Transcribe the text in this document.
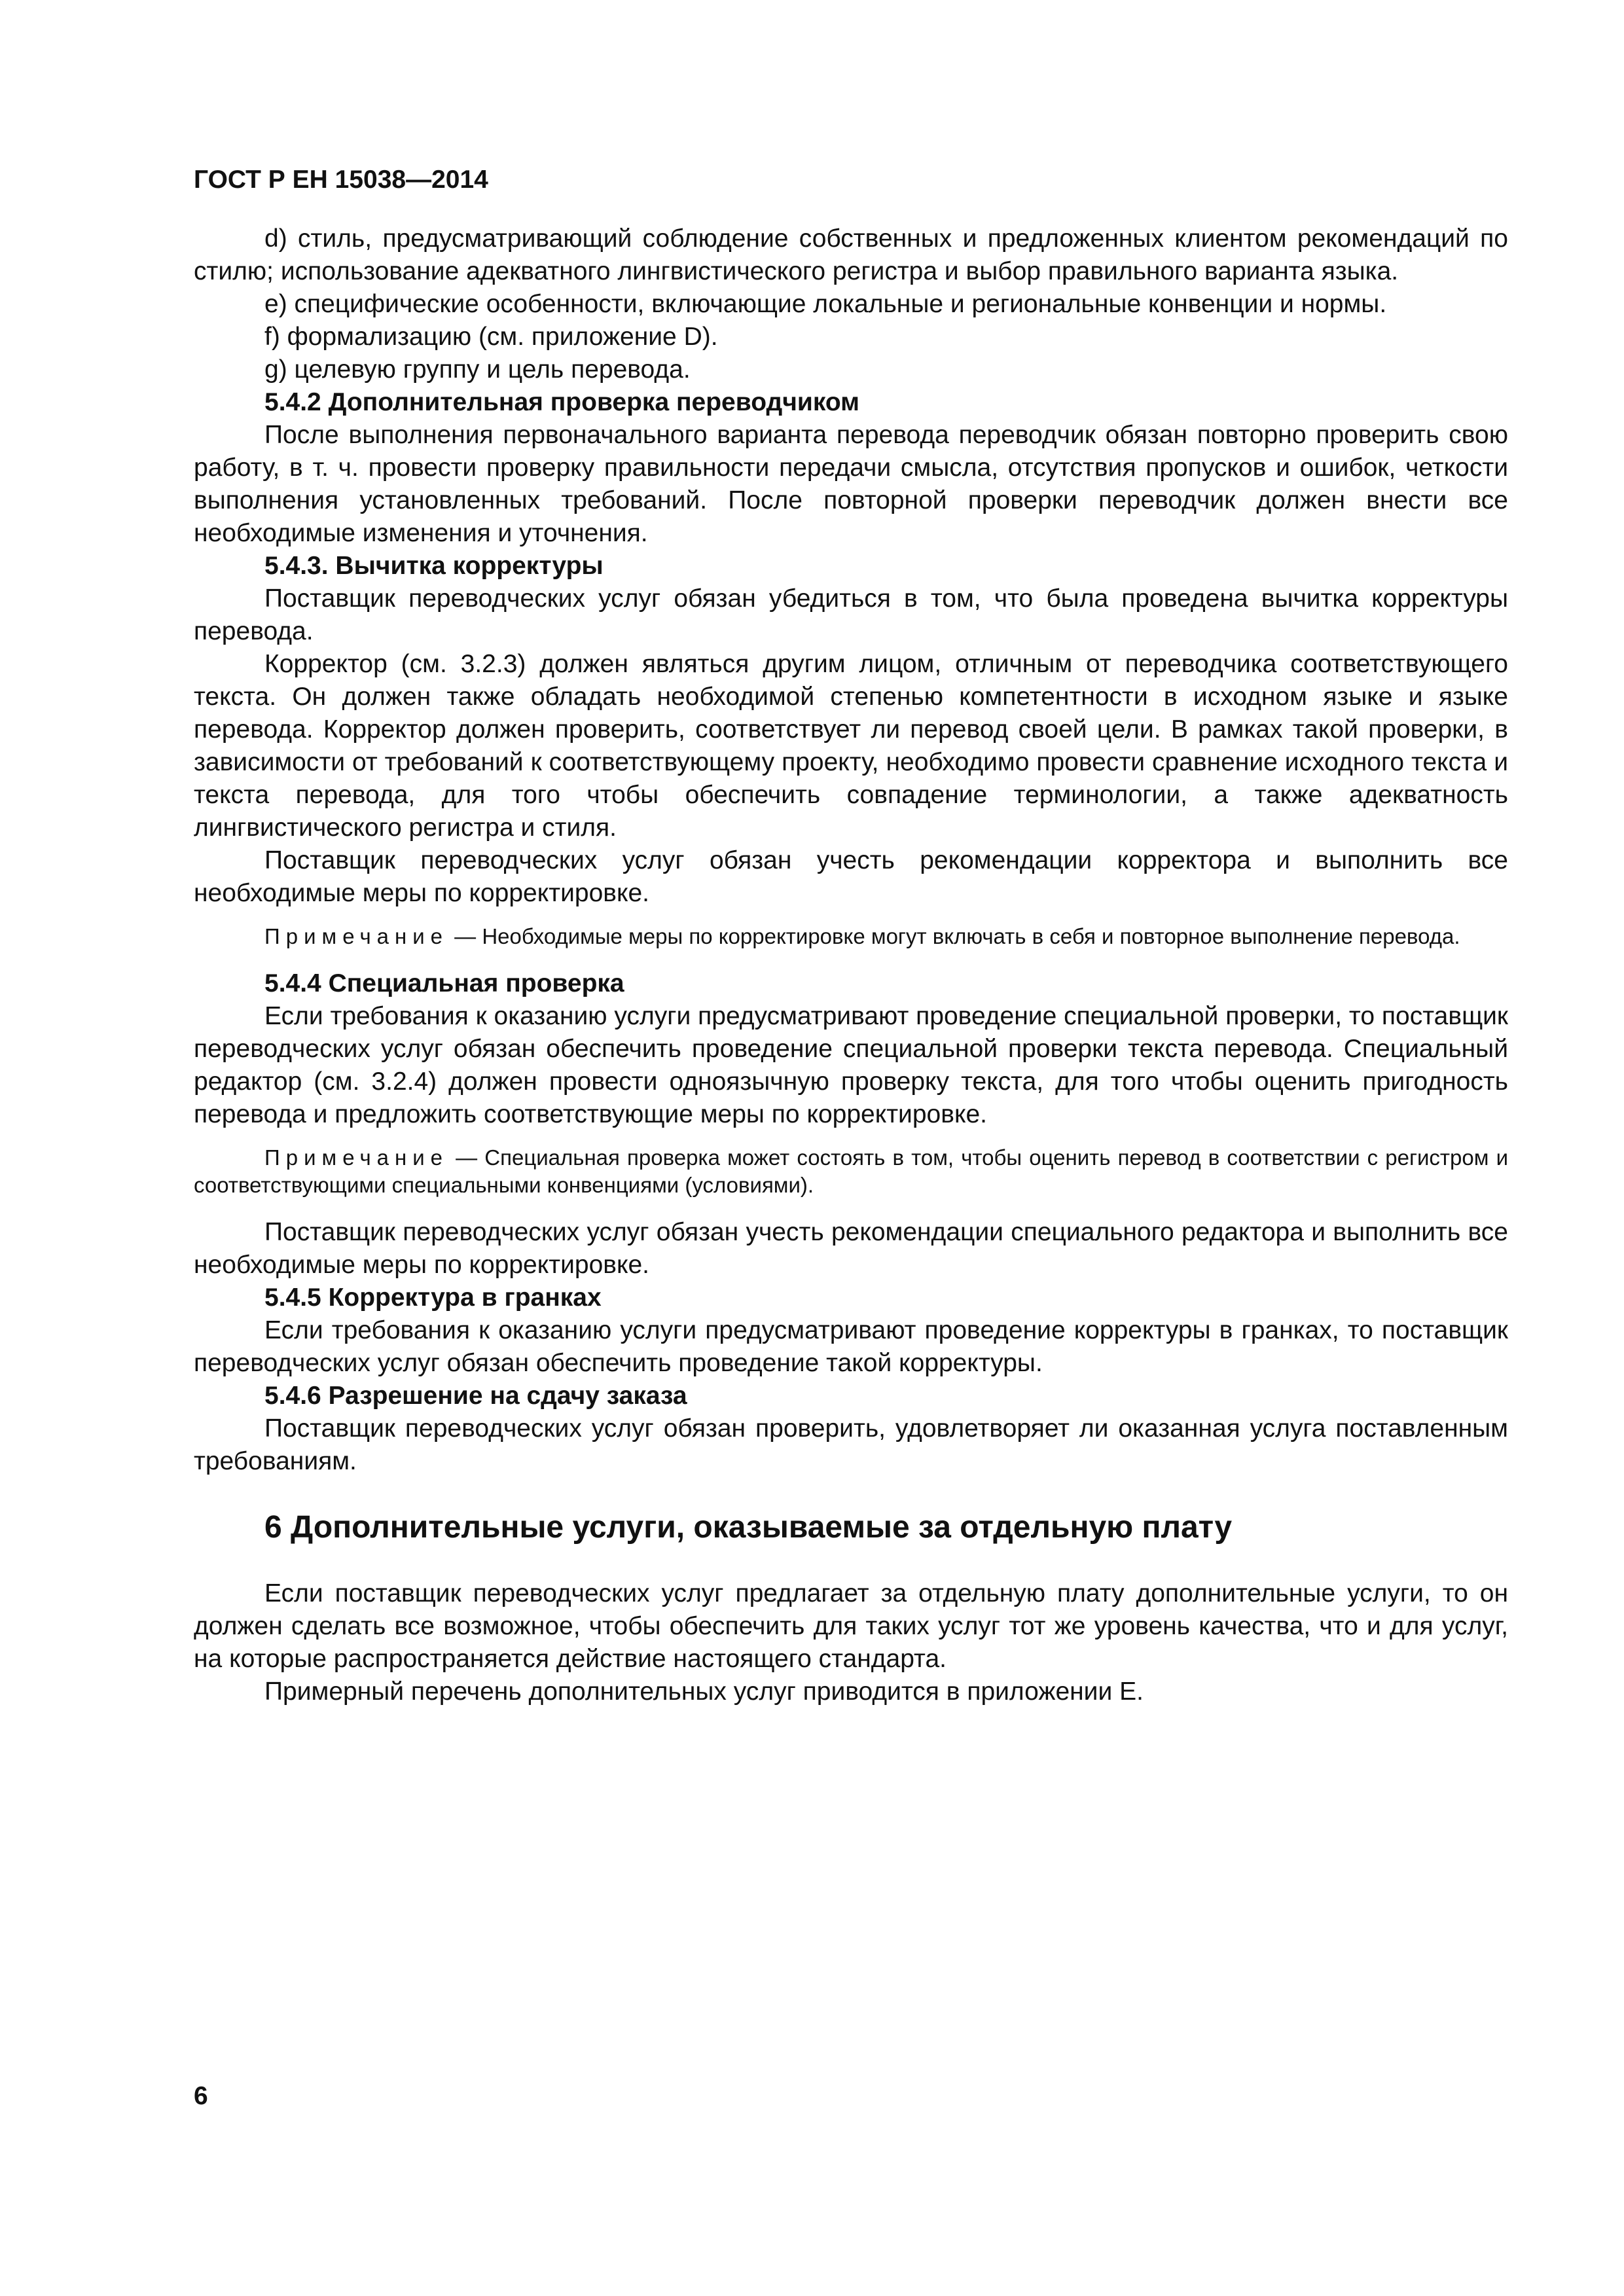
ГОСТ Р ЕН 15038—2014

d) стиль, предусматривающий соблюдение собственных и предложенных клиентом рекомендаций по стилю; использование адекватного лингвистического регистра и выбор правильного варианта языка.

е) специфические особенности, включающие локальные и региональные конвенции и нормы.

f) формализацию (см. приложение D).

g) целевую группу и цель перевода.

5.4.2 Дополнительная проверка переводчиком

После выполнения первоначального варианта перевода переводчик обязан повторно проверить свою работу, в т. ч. провести проверку правильности передачи смысла, отсутствия пропусков и ошибок, четкости выполнения установленных требований. После повторной проверки переводчик должен внести все необходимые изменения и уточнения.

5.4.3. Вычитка корректуры

Поставщик переводческих услуг обязан убедиться в том, что была проведена вычитка корректуры перевода.

Корректор (см. 3.2.3) должен являться другим лицом, отличным от переводчика соответствующего текста. Он должен также обладать необходимой степенью компетентности в исходном языке и языке перевода. Корректор должен проверить, соответствует ли перевод своей цели. В рамках такой проверки, в зависимости от требований к соответствующему проекту, необходимо провести сравнение исходного текста и текста перевода, для того чтобы обеспечить совпадение терминологии, а также адекватность лингвистического регистра и стиля.

Поставщик переводческих услуг обязан учесть рекомендации корректора и выполнить все необходимые меры по корректировке.

Примечание — Необходимые меры по корректировке могут включать в себя и повторное выполнение перевода.
5.4.4 Специальная проверка

Если требования к оказанию услуги предусматривают проведение специальной проверки, то поставщик переводческих услуг обязан обеспечить проведение специальной проверки текста перевода. Специальный редактор (см. 3.2.4) должен провести одноязычную проверку текста, для того чтобы оценить пригодность перевода и предложить соответствующие меры по корректировке.

Примечание — Специальная проверка может состоять в том, чтобы оценить перевод в соответствии с регистром и соответствующими специальными конвенциями (условиями).

Поставщик переводческих услуг обязан учесть рекомендации специального редактора и выполнить все необходимые меры по корректировке.

5.4.5 Корректура в гранках

Если требования к оказанию услуги предусматривают проведение корректуры в гранках, то поставщик переводческих услуг обязан обеспечить проведение такой корректуры.

5.4.6 Разрешение на сдачу заказа

Поставщик переводческих услуг обязан проверить, удовлетворяет ли оказанная услуга поставленным требованиям.

6 Дополнительные услуги, оказываемые за отдельную плату

Если поставщик переводческих услуг предлагает за отдельную плату дополнительные услуги, то он должен сделать все возможное, чтобы обеспечить для таких услуг тот же уровень качества, что и для услуг, на которые распространяется действие настоящего стандарта.

Примерный перечень дополнительных услуг приводится в приложении Е.

6
